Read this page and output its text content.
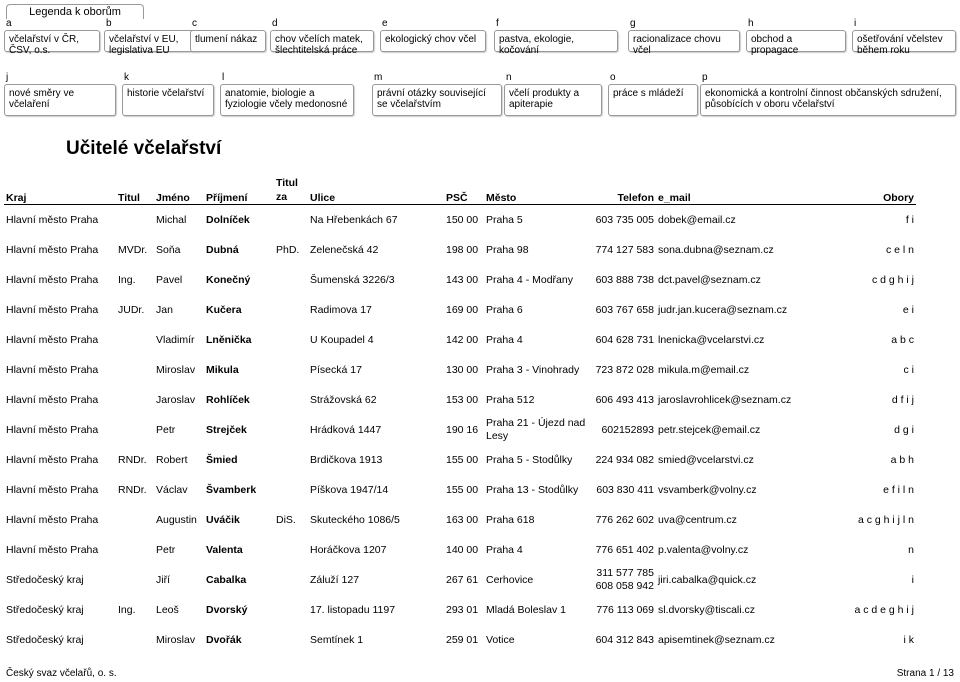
Legenda k oborům
a
včelařství v ČR, ČSV, o.s.
b
včelařství v EU, legislativa EU
c
tlumení nákaz
d
chov včelích matek, šlechtitelská práce
e
ekologický chov včel
f
pastva, ekologie, kočování
g
racionalizace chovu včel
h
obchod a propagace
i
ošetřování včelstev během roku
j
nové směry ve včelaření
k
historie včelařství
l
anatomie, biologie a fyziologie včely medonosné
m
právní otázky související se včelařstvím
n
včelí produkty a apiterapie
o
práce s mládeží
p
ekonomická a kontrolní činnost občanských sdružení, působících v oboru včelařství
Učitelé včelařství
Kraj	Titul	Jméno	Příjmení	Titul za	Ulice	PSČ	Město	Telefon	e_mail	Obory
Hlavní město Praha		Michal	Dolníček		Na Hřebenkách 67	150 00	Praha 5	603 735 005	dobek@email.cz	f i
Hlavní město Praha	MVDr.	Soňa	Dubná	PhD.	Zelenečská 42	198 00	Praha 98	774 127 583	sona.dubna@seznam.cz	c e l n
Hlavní město Praha	Ing.	Pavel	Konečný		Šumenská 3226/3	143 00	Praha 4 - Modřany	603 888 738	dct.pavel@seznam.cz	c d g h i j
Hlavní město Praha	JUDr.	Jan	Kučera		Radimova 17	169 00	Praha 6	603 767 658	judr.jan.kucera@seznam.cz	e i
Hlavní město Praha		Vladimír	Lněnička		U Koupadel 4	142 00	Praha 4	604 628 731	lnenicka@vcelarstvi.cz	a b c
Hlavní město Praha		Miroslav	Mikula		Písecká 17	130 00	Praha 3 - Vinohrady	723 872 028	mikula.m@email.cz	c i
Hlavní město Praha		Jaroslav	Rohlíček		Strážovská 62	153 00	Praha 512	606 493 413	jaroslavrohlicek@seznam.cz	d f i j
Hlavní město Praha		Petr	Strejček		Hrádková 1447	190 16	Praha 21 - Újezd nad Lesy	602152893	petr.stejcek@email.cz	d g i
Hlavní město Praha	RNDr.	Robert	Šmied		Brdičkova 1913	155 00	Praha 5 - Stodůlky	224 934 082	smied@vcelarstvi.cz	a b h
Hlavní město Praha	RNDr.	Václav	Švamberk		Píškova 1947/14	155 00	Praha 13 - Stodůlky	603 830 411	vsvamberk@volny.cz	e f i l n
Hlavní město Praha		Augustin	Uváčik	DiS.	Skuteckého 1086/5	163 00	Praha 618	776 262 602	uva@centrum.cz	a c g h i j l n
Hlavní město Praha		Petr	Valenta		Horáčkova 1207	140 00	Praha 4	776 651 402	p.valenta@volny.cz	n
Středočeský kraj		Jiří	Cabalka		Záluží 127	267 61	Cerhovice	311 577 785 608 058 942	jiri.cabalka@quick.cz	i
Středočeský kraj	Ing.	Leoš	Dvorský		17. listopadu 1197	293 01	Mladá Boleslav 1	776 113 069	sl.dvorsky@tiscali.cz	a c d e g h i j
Středočeský kraj		Miroslav	Dvořák		Semtínek 1	259 01	Votice	604 312 843	apisemtinek@seznam.cz	i k
Český svaz včelařů, o. s.	Strana 1 / 13
